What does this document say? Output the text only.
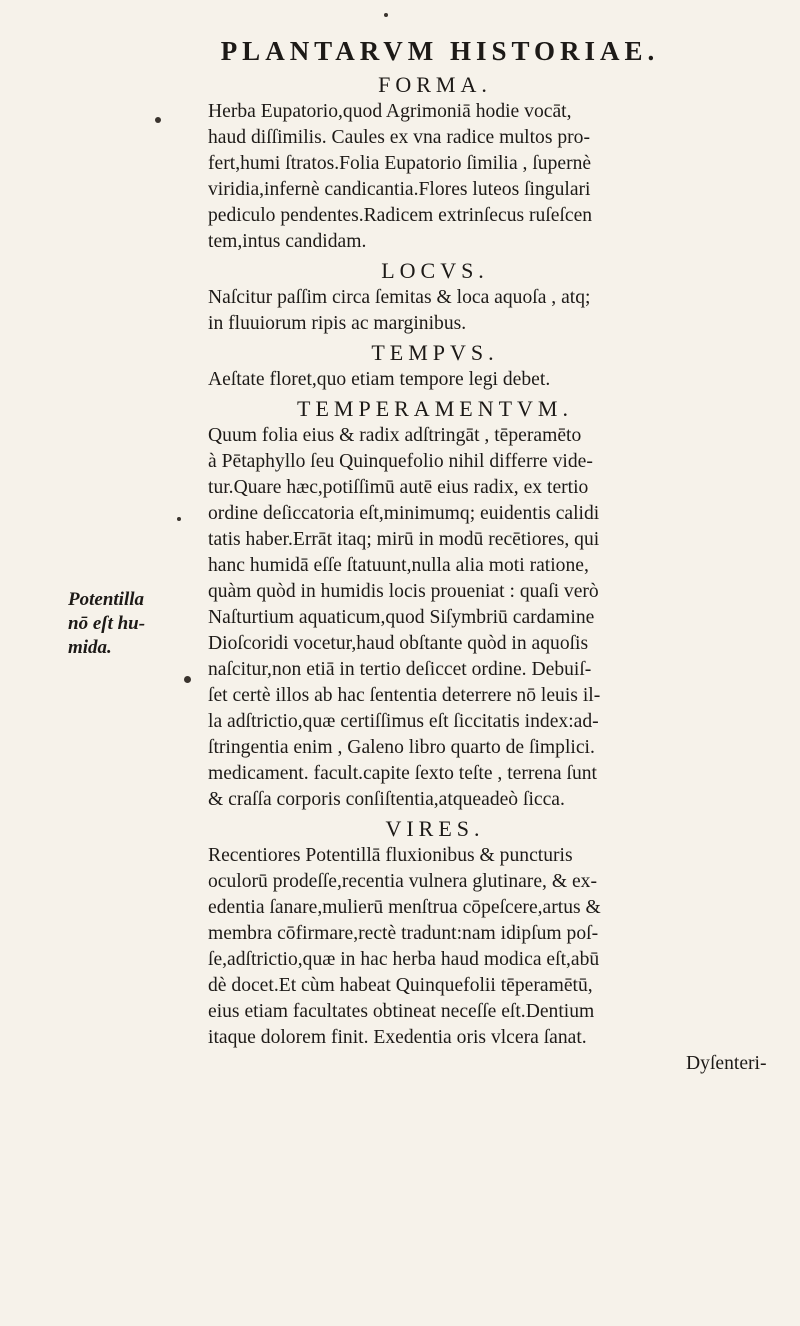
PLANTARVM HISTORIAE.
FORMA.
Herba Eupatorio,quod Agrimoniā hodie vocāt,
haud diſſimilis. Caules ex vna radice multos pro-
fert,humi ſtratos.Folia Eupatorio ſimilia , ſupernè
viridia,infernè candicantia.Flores luteos ſingulari
pediculo pendentes.Radicem extrinſecus ruſeſcen
tem,intus candidam.
LOCVS.
Naſcitur paſſim circa ſemitas & loca aquoſa , atq;
in fluuiorum ripis ac marginibus.
TEMPVS.
Aeſtate floret,quo etiam tempore legi debet.
TEMPERAMENTVM.
Quum folia eius & radix adſtringāt , tēperamēto
à Pētaphyllo ſeu Quinquefolio nihil differre vide-
tur.Quare hæc,potiſſimū autē eius radix, ex tertio
ordine deſiccatoria eſt,minimumq; euidentis calidi
tatis haber.Errāt itaq; mirū in modū recētiores, qui
hanc humidā eſſe ſtatuunt,nulla alia moti ratione,
quàm quòd in humidis locis proueniat : quaſi verò
Naſturtium aquaticum,quod Siſymbriū cardamine
Dioſcoridi vocetur,haud obſtante quòd in aquoſis
naſcitur,non etiā in tertio deſiccet ordine. Debuiſ-
ſet certè illos ab hac ſententia deterrere nō leuis il-
la adſtrictio,quæ certiſſimus eſt ſiccitatis index:ad-
ſtringentia enim , Galeno libro quarto de ſimplici.
medicament. facult.capite ſexto teſte , terrena ſunt
& craſſa corporis conſiſtentia,atqueadeò ſicca.
VIRES.
Recentiores Potentillā fluxionibus & puncturis
oculorū prodeſſe,recentia vulnera glutinare, & ex-
edentia ſanare,mulierū menſtrua cōpeſcere,artus &
membra cōfirmare,rectè tradunt:nam idipſum poſ-
ſe,adſtrictio,quæ in hac herba haud modica eſt,abū
dè docet.Et cùm habeat Quinquefolii tēperamētū,
eius etiam facultates obtineat neceſſe eſt.Dentium
itaque dolorem finit. Exedentia oris vlcera ſanat.
Dyſenteri-
Potentilla
nō eſt hu-
mida.
